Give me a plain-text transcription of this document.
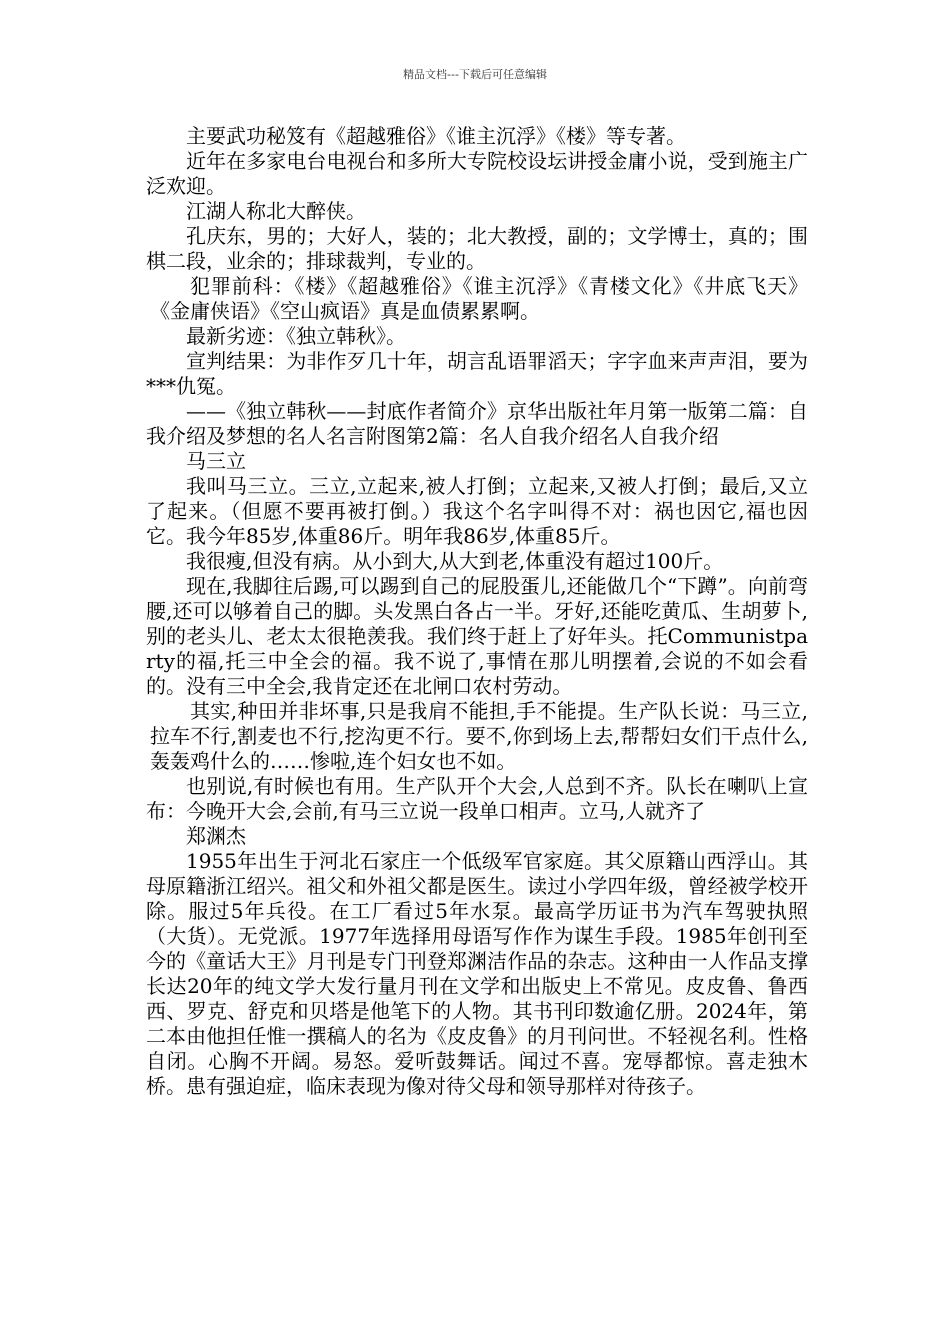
精品文档---下载后可任意编辑

主要武功秘笈有《超越雅俗》《谁主沉浮》《楼》等专著。

近年在多家电台电视台和多所大专院校设坛讲授金庸小说，受到施主广泛欢迎。

江湖人称北大醉侠。

孔庆东，男的；大好人，装的；北大教授，副的；文学博士，真的；围棋二段，业余的；排球裁判，专业的。

犯罪前科：《楼》《超越雅俗》《谁主沉浮》《青楼文化》《井底飞天》《金庸侠语》《空山疯语》真是血债累累啊。

最新劣迹：《独立韩秋》。

宣判结果：为非作歹几十年，胡言乱语罪滔天；字字血来声声泪，要为***仇冤。

——《独立韩秋——封底作者简介》京华出版社年月第一版第二篇：自我介绍及梦想的名人名言附图第2篇：名人自我介绍名人自我介绍

马三立

我叫马三立。三立,立起来,被人打倒；立起来,又被人打倒；最后,又立了起来。（但愿不要再被打倒。）我这个名字叫得不对：祸也因它,福也因它。我今年85岁,体重86斤。明年我86岁,体重85斤。

我很瘦,但没有病。从小到大,从大到老,体重没有超过100斤。

现在,我脚往后踢,可以踢到自己的屁股蛋儿,还能做几个“下蹲”。向前弯腰,还可以够着自己的脚。头发黑白各占一半。牙好,还能吃黄瓜、生胡萝卜,别的老头儿、老太太很艳羡我。我们终于赶上了好年头。托Communistparty的福,托三中全会的福。我不说了,事情在那儿明摆着,会说的不如会看的。没有三中全会,我肯定还在北闸口农村劳动。

其实,种田并非坏事,只是我肩不能担,手不能提。生产队长说：马三立,拉车不行,割麦也不行,挖沟更不行。要不,你到场上去,帮帮妇女们干点什么,轰轰鸡什么的……惨啦,连个妇女也不如。

也别说,有时候也有用。生产队开个大会,人总到不齐。队长在喇叭上宣布：今晚开大会,会前,有马三立说一段单口相声。立马,人就齐了

郑渊杰

1955年出生于河北石家庄一个低级军官家庭。其父原籍山西浮山。其母原籍浙江绍兴。祖父和外祖父都是医生。读过小学四年级，曾经被学校开除。服过5年兵役。在工厂看过5年水泵。最高学历证书为汽车驾驶执照（大货）。无党派。1977年选择用母语写作作为谋生手段。1985年创刊至今的《童话大王》月刊是专门刊登郑渊洁作品的杂志。这种由一人作品支撑长达20年的纯文学大发行量月刊在文学和出版史上不常见。皮皮鲁、鲁西西、罗克、舒克和贝塔是他笔下的人物。其书刊印数逾亿册。2024年，第二本由他担任惟一撰稿人的名为《皮皮鲁》的月刊问世。不轻视名利。性格自闭。心胸不开阔。易怒。爱听鼓舞话。闻过不喜。宠辱都惊。喜走独木桥。患有强迫症，临床表现为像对待父母和领导那样对待孩子。
